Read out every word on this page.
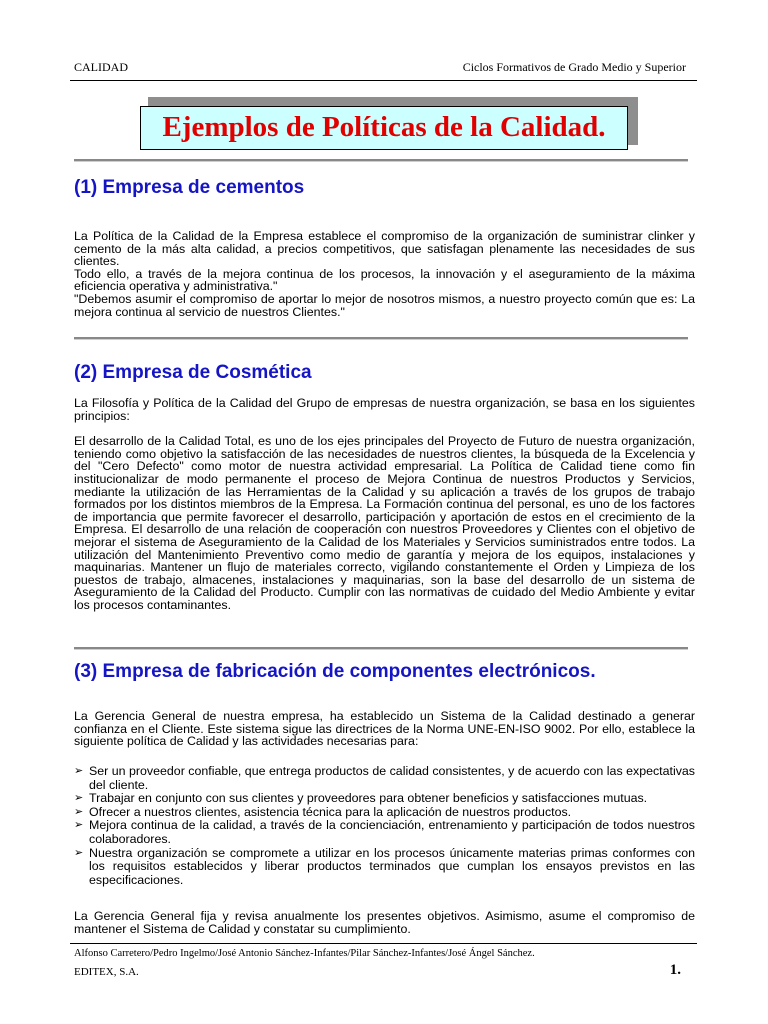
CALIDAD	Ciclos Formativos de Grado Medio y Superior
Ejemplos de Políticas de la Calidad.
(1) Empresa de cementos

La Política de la Calidad de la Empresa establece el compromiso de la organización de suministrar clinker y cemento de la más alta calidad, a precios competitivos, que satisfagan plenamente las necesidades de sus clientes.

Todo ello, a través de la mejora continua de los procesos, la innovación y el aseguramiento de la máxima eficiencia operativa y administrativa."

"Debemos asumir el compromiso de aportar lo mejor de nosotros mismos, a nuestro proyecto común que es: La mejora continua al servicio de nuestros Clientes."

(2) Empresa de Cosmética

La Filosofía y Política de la Calidad del Grupo de empresas de nuestra organización, se basa en los siguientes principios:

El desarrollo de la Calidad Total, es uno de los ejes principales del Proyecto de Futuro de nuestra organización, teniendo como objetivo la satisfacción de las necesidades de nuestros clientes, la búsqueda de la Excelencia y del "Cero Defecto" como motor de nuestra actividad empresarial. La Política de Calidad tiene como fin institucionalizar de modo permanente el proceso de Mejora Continua de nuestros Productos y Servicios, mediante la utilización de las Herramientas de la Calidad y su aplicación a través de los grupos de trabajo formados por los distintos miembros de la Empresa. La Formación continua del personal, es uno de los factores de importancia que permite favorecer el desarrollo, participación y aportación de estos en el crecimiento de la Empresa. El desarrollo de una relación de cooperación con nuestros Proveedores y Clientes con el objetivo de mejorar el sistema de Aseguramiento de la Calidad de los Materiales y Servicios suministrados entre todos. La utilización del Mantenimiento Preventivo como medio de garantía y mejora de los equipos, instalaciones y maquinarias. Mantener un flujo de materiales correcto, vigilando constantemente el Orden y Limpieza de los puestos de trabajo, almacenes, instalaciones y maquinarias, son la base del desarrollo de un sistema de Aseguramiento de la Calidad del Producto. Cumplir con las normativas de cuidado del Medio Ambiente y evitar los procesos contaminantes.

(3) Empresa de fabricación de componentes electrónicos.
La Gerencia General de nuestra empresa, ha establecido un Sistema de la Calidad destinado a generar confianza en el Cliente. Este sistema sigue las directrices de la Norma UNE-EN-ISO 9002. Por ello, establece la siguiente política de Calidad y las actividades necesarias para:
➢ Ser un proveedor confiable, que entrega productos de calidad consistentes, y de acuerdo con las expectativas del cliente.
➢ Trabajar en conjunto con sus clientes y proveedores para obtener beneficios y satisfacciones mutuas.
➢ Ofrecer a nuestros clientes, asistencia técnica para la aplicación de nuestros productos.
➢ Mejora continua de la calidad, a través de la concienciación, entrenamiento y participación de todos nuestros colaboradores.
➢ Nuestra organización se compromete a utilizar en los procesos únicamente materias primas conformes con los requisitos establecidos y liberar productos terminados que cumplan los ensayos previstos en las especificaciones.
La Gerencia General fija y revisa anualmente los presentes objetivos. Asimismo, asume el compromiso de mantener el Sistema de Calidad y constatar su cumplimiento.
Alfonso Carretero/Pedro Ingelmo/José Antonio Sánchez-Infantes/Pilar Sánchez-Infantes/José Ángel Sánchez.
EDITEX, S.A.	1.
